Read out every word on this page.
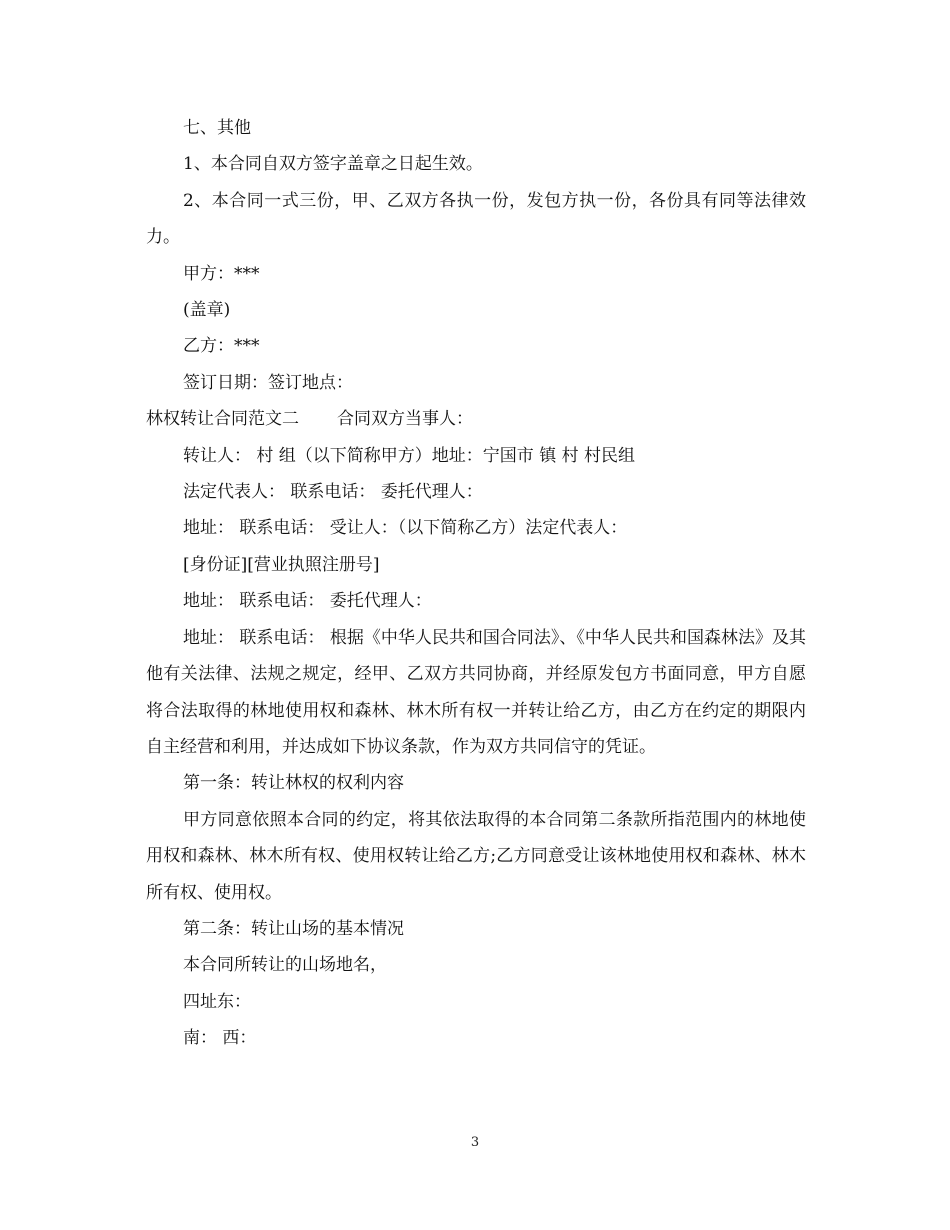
七、其他

1、本合同自双方签字盖章之日起生效。

2、本合同一式三份，甲、乙双方各执一份，发包方执一份，各份具有同等法律效力。

甲方：***

(盖章)

乙方：***

签订日期：签订地点：

林权转让合同范文二 合同双方当事人：

转让人： 村 组（以下简称甲方）地址：宁国市 镇 村 村民组

法定代表人： 联系电话： 委托代理人：

地址： 联系电话： 受让人：（以下简称乙方）法定代表人：

[身份证][营业执照注册号]

地址： 联系电话： 委托代理人：

地址： 联系电话： 根据《中华人民共和国合同法》、《中华人民共和国森林法》及其他有关法律、法规之规定，经甲、乙双方共同协商，并经原发包方书面同意，甲方自愿将合法取得的林地使用权和森林、林木所有权一并转让给乙方，由乙方在约定的期限内自主经营和利用，并达成如下协议条款，作为双方共同信守的凭证。

第一条：转让林权的权利内容

甲方同意依照本合同的约定，将其依法取得的本合同第二条款所指范围内的林地使用权和森林、林木所有权、使用权转让给乙方;乙方同意受让该林地使用权和森林、林木所有权、使用权。

第二条：转让山场的基本情况

本合同所转让的山场地名，

四址东：

南： 西：

3
